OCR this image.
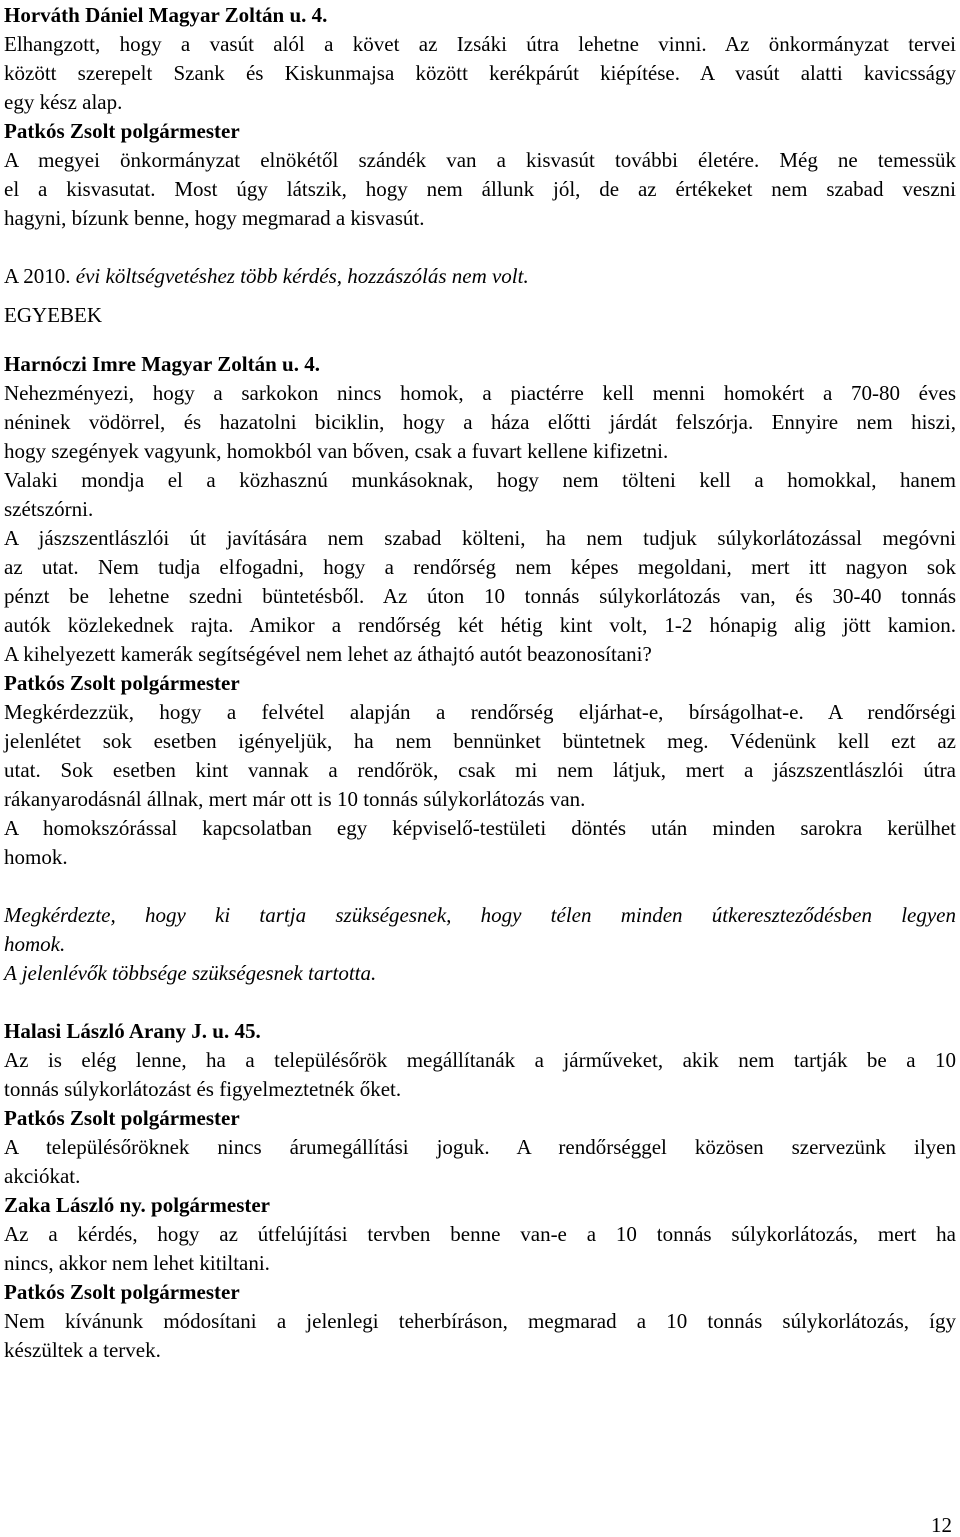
Horváth Dániel Magyar Zoltán u. 4.
Elhangzott, hogy a vasút alól a követ az Izsáki útra lehetne vinni. Az önkormányzat tervei
között szerepelt Szank és Kiskunmajsa között kerékpárút kiépítése. A vasút alatti kavicsságy
egy kész alap.
Patkós Zsolt polgármester
A megyei önkormányzat elnökétől szándék van a kisvasút további életére. Még ne temessük
el a kisvasutat. Most úgy látszik, hogy nem állunk jól, de az értékeket nem szabad veszni
hagyni, bízunk benne, hogy megmarad a kisvasút.
A 2010. évi költségvetéshez több kérdés, hozzászólás nem volt.
EGYEBEK
Harnóczi Imre Magyar Zoltán u. 4.
Nehezményezi, hogy a sarkokon nincs homok, a piactérre kell menni homokért a 70-80 éves
néninek vödörrel, és hazatolni biciklin, hogy a háza előtti járdát felszórja. Ennyire nem hiszi,
hogy szegények vagyunk, homokból van bőven, csak a fuvart kellene kifizetni.
Valaki mondja el a közhasznú munkásoknak, hogy nem tölteni kell a homokkal, hanem
szétszórni.
A jászszentlászlói út javítására nem szabad költeni, ha nem tudjuk súlykorlátozással megóvni
az utat. Nem tudja elfogadni, hogy a rendőrség nem képes megoldani, mert itt nagyon sok
pénzt be lehetne szedni büntetésből. Az úton 10 tonnás súlykorlátozás van, és 30-40 tonnás
autók közlekednek rajta. Amikor a rendőrség két hétig kint volt, 1-2 hónapig alig jött kamion.
A kihelyezett kamerák segítségével nem lehet az áthajtó autót beazonosítani?
Patkós Zsolt polgármester
Megkérdezzük, hogy a felvétel alapján a rendőrség eljárhat-e, bírságolhat-e. A rendőrségi
jelenlétet sok esetben igényeljük, ha nem bennünket büntetnek meg. Védenünk kell ezt az
utat. Sok esetben kint vannak a rendőrök, csak mi nem látjuk, mert a jászszentlászlói útra
rákanyarodásnál állnak, mert már ott is 10 tonnás súlykorlátozás van.
A homokszórással kapcsolatban egy képviselő-testületi döntés után minden sarokra kerülhet
homok.
Megkérdezte, hogy ki tartja szükségesnek, hogy télen minden útkereszteződésben legyen
homok.
A jelenlévők többsége szükségesnek tartotta.
Halasi László Arany J. u. 45.
Az is elég lenne, ha a településőrök megállítanák a járműveket, akik nem tartják be a 10
tonnás súlykorlátozást és figyelmeztetnék őket.
Patkós Zsolt polgármester
A településőröknek nincs árumegállítási joguk. A rendőrséggel közösen szervezünk ilyen
akciókat.
Zaka László ny. polgármester
Az a kérdés, hogy az útfelújítási tervben benne van-e a 10 tonnás súlykorlátozás, mert ha
nincs, akkor nem lehet kitiltani.
Patkós Zsolt polgármester
Nem kívánunk módosítani a jelenlegi teherbíráson, megmarad a 10 tonnás súlykorlátozás, így
készültek a tervek.
12
